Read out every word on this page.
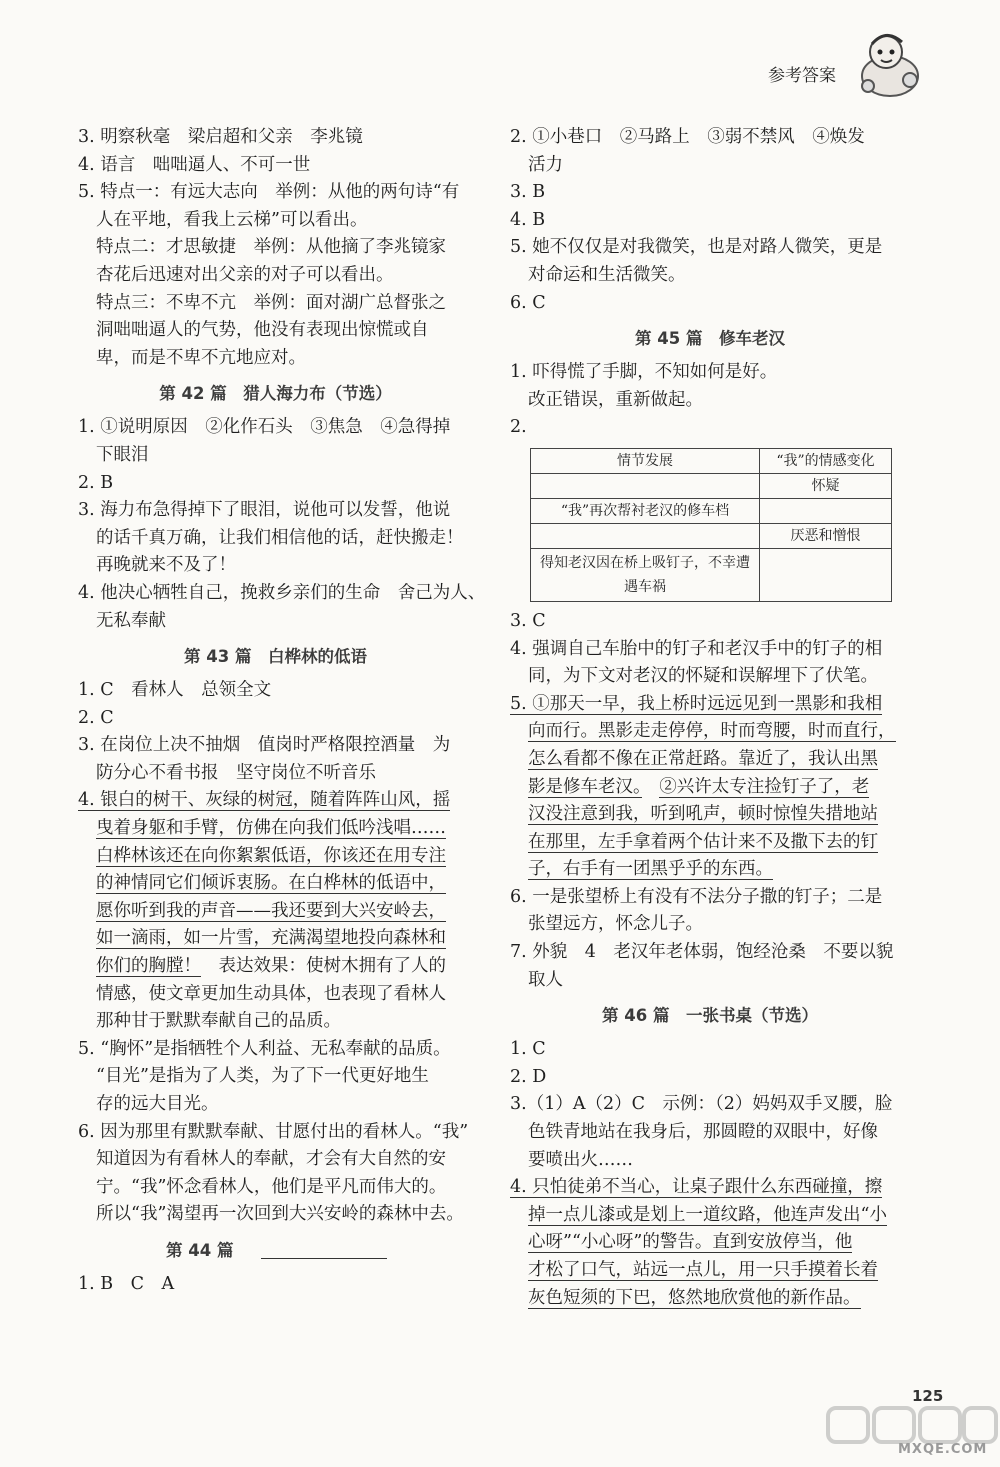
参考答案
3. 明察秋毫　梁启超和父亲　李兆镜
4. 语言　咄咄逼人、不可一世
5. 特点一：有远大志向　举例：从他的两句诗“有
人在平地，看我上云梯”可以看出。
特点二：才思敏捷　举例：从他摘了李兆镜家
杏花后迅速对出父亲的对子可以看出。
特点三：不卑不亢　举例：面对湖广总督张之
洞咄咄逼人的气势，他没有表现出惊慌或自
卑，而是不卑不亢地应对。
第 42 篇　猎人海力布（节选）
1. ①说明原因　②化作石头　③焦急　④急得掉
下眼泪
2. B
3. 海力布急得掉下了眼泪，说他可以发誓，他说
的话千真万确，让我们相信他的话，赶快搬走！
再晚就来不及了！
4. 他决心牺牲自己，挽救乡亲们的生命　舍己为人、
无私奉献
第 43 篇　白桦林的低语
1. C　看林人　总领全文
2. C
3. 在岗位上决不抽烟　值岗时严格限控酒量　为
防分心不看书报　坚守岗位不听音乐
4. 银白的树干、灰绿的树冠，随着阵阵山风，摇
曳着身躯和手臂，仿佛在向我们低吟浅唱……
白桦林该还在向你絮絮低语，你该还在用专注
的神情同它们倾诉衷肠。在白桦林的低语中，
愿你听到我的声音——我还要到大兴安岭去，
如一滴雨，如一片雪，充满渴望地投向森林和
你们的胸膛！　表达效果：使树木拥有了人的
情感，使文章更加生动具体，也表现了看林人
那种甘于默默奉献自己的品质。
5. “胸怀”是指牺牲个人利益、无私奉献的品质。
“目光”是指为了人类，为了下一代更好地生
存的远大目光。
6. 因为那里有默默奉献、甘愿付出的看林人。“我”
知道因为有看林人的奉献，才会有大自然的安
宁。“我”怀念看林人，他们是平凡而伟大的。
所以“我”渴望再一次回到大兴安岭的森林中去。
第 44 篇
1. B　C　A
2. ①小巷口　②马路上　③弱不禁风　④焕发
活力
3. B
4. B
5. 她不仅仅是对我微笑，也是对路人微笑，更是
对命运和生活微笑。
6. C
第 45 篇　修车老汉
1. 吓得慌了手脚，不知如何是好。
改正错误，重新做起。
2.
情节发展	“我”的情感变化
	怀疑
“我”再次帮衬老汉的修车档	
	厌恶和憎恨
得知老汉因在桥上吸钉子，不幸遭遇车祸	
3. C
4. 强调自己车胎中的钉子和老汉手中的钉子的相
同，为下文对老汉的怀疑和误解埋下了伏笔。
5. ①那天一早，我上桥时远远见到一黑影和我相
向而行。黑影走走停停，时而弯腰，时而直行，
怎么看都不像在正常赶路。靠近了，我认出黑
影是修车老汉。　 ②兴许太专注捡钉子了，老
汉没注意到我，听到吼声，顿时惊惶失措地站
在那里，左手拿着两个估计来不及撒下去的钉
子，右手有一团黑乎乎的东西。
6. 一是张望桥上有没有不法分子撒的钉子；二是
张望远方，怀念儿子。
7. 外貌　4　老汉年老体弱，饱经沧桑　不要以貌
取人
第 46 篇　一张书桌（节选）
1. C
2. D
3.（1）A（2）C　示例：（2）妈妈双手叉腰，脸
色铁青地站在我身后，那圆瞪的双眼中，好像
要喷出火……
4. 只怕徒弟不当心，让桌子跟什么东西碰撞，擦
掉一点儿漆或是划上一道纹路，他连声发出“小
心呀”“小心呀”的警告。直到安放停当，他
才松了口气，站远一点儿，用一只手摸着长着
灰色短须的下巴，悠然地欣赏他的新作品。
125
MXQE.COM
